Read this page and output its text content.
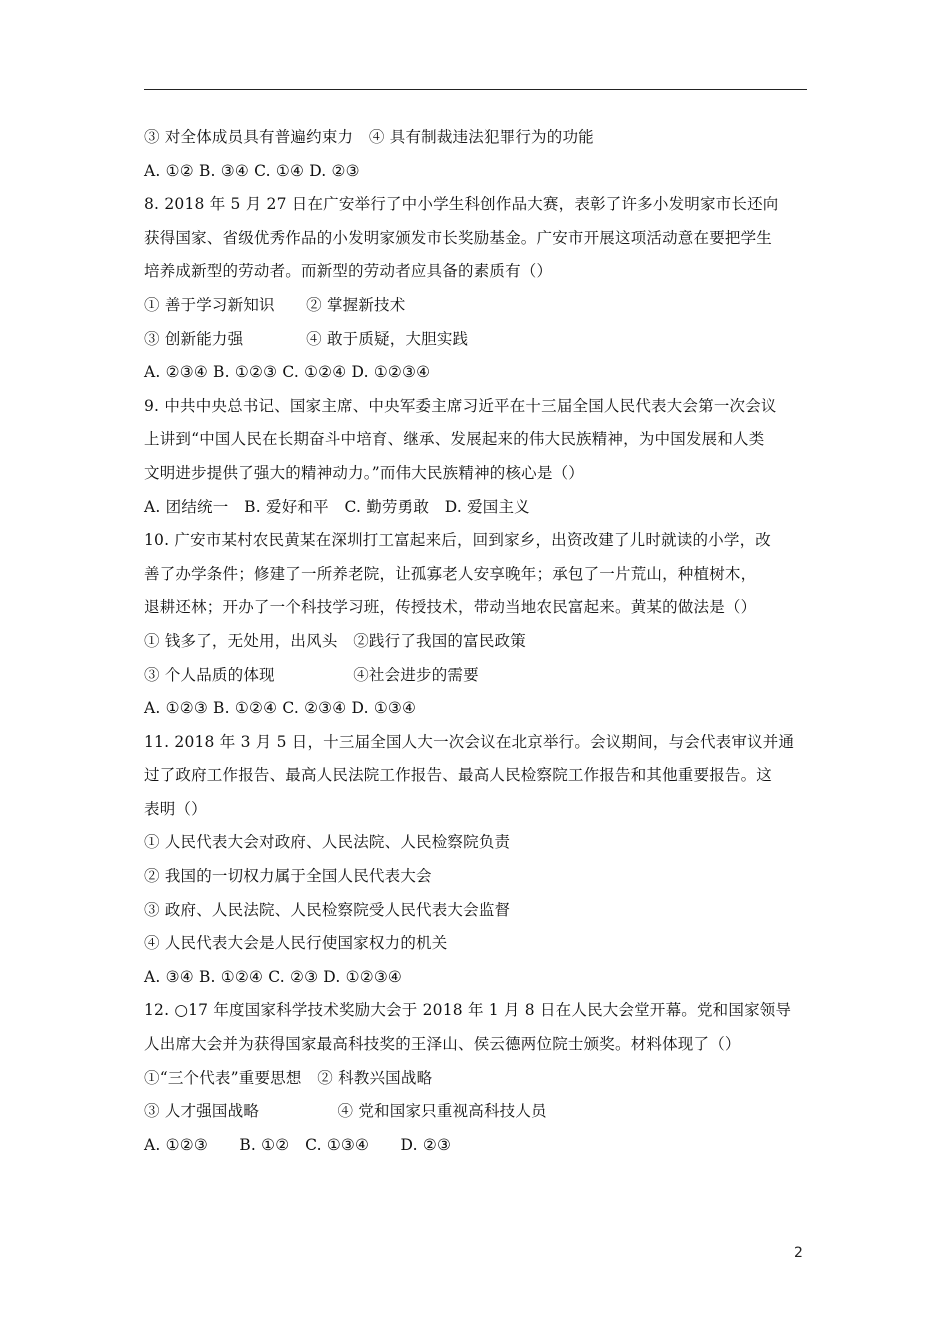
③ 对全体成员具有普遍约束力　④ 具有制裁违法犯罪行为的功能
A. ①② B. ③④ C. ①④ D. ②③
8. 2018 年 5 月 27 日在广安举行了中小学生科创作品大赛，表彰了许多小发明家市长还向
获得国家、省级优秀作品的小发明家颁发市长奖励基金。广安市开展这项活动意在要把学生
培养成新型的劳动者。而新型的劳动者应具备的素质有（）
① 善于学习新知识　　② 掌握新技术
③ 创新能力强　　　　④ 敢于质疑，大胆实践
A. ②③④ B. ①②③ C. ①②④ D. ①②③④
9. 中共中央总书记、国家主席、中央军委主席习近平在十三届全国人民代表大会第一次会议
上讲到“中国人民在长期奋斗中培育、继承、发展起来的伟大民族精神，为中国发展和人类
文明进步提供了强大的精神动力。”而伟大民族精神的核心是（）
A. 团结统一　B. 爱好和平　C. 勤劳勇敢　D. 爱国主义
10. 广安市某村农民黄某在深圳打工富起来后，回到家乡，出资改建了儿时就读的小学，改
善了办学条件；修建了一所养老院，让孤寡老人安享晚年；承包了一片荒山，种植树木，
退耕还林；开办了一个科技学习班，传授技术，带动当地农民富起来。黄某的做法是（）
① 钱多了，无处用，出风头　②践行了我国的富民政策
③ 个人品质的体现　　　　　④社会进步的需要
A. ①②③ B. ①②④ C. ②③④ D. ①③④
11. 2018 年 3 月 5 日，十三届全国人大一次会议在北京举行。会议期间，与会代表审议并通
过了政府工作报告、最高人民法院工作报告、最高人民检察院工作报告和其他重要报告。这
表明（）
① 人民代表大会对政府、人民法院、人民检察院负责
② 我国的一切权力属于全国人民代表大会
③ 政府、人民法院、人民检察院受人民代表大会监督
④ 人民代表大会是人民行使国家权力的机关
A. ③④ B. ①②④ C. ②③ D. ①②③④
12. ○17 年度国家科学技术奖励大会于 2018 年 1 月 8 日在人民大会堂开幕。党和国家领导
人出席大会并为获得国家最高科技奖的王泽山、侯云德两位院士颁奖。材料体现了（）
①“三个代表”重要思想　② 科教兴国战略
③ 人才强国战略　　　　　④ 党和国家只重视高科技人员
A. ①②③　　B. ①②　C. ①③④　　D. ②③
2
